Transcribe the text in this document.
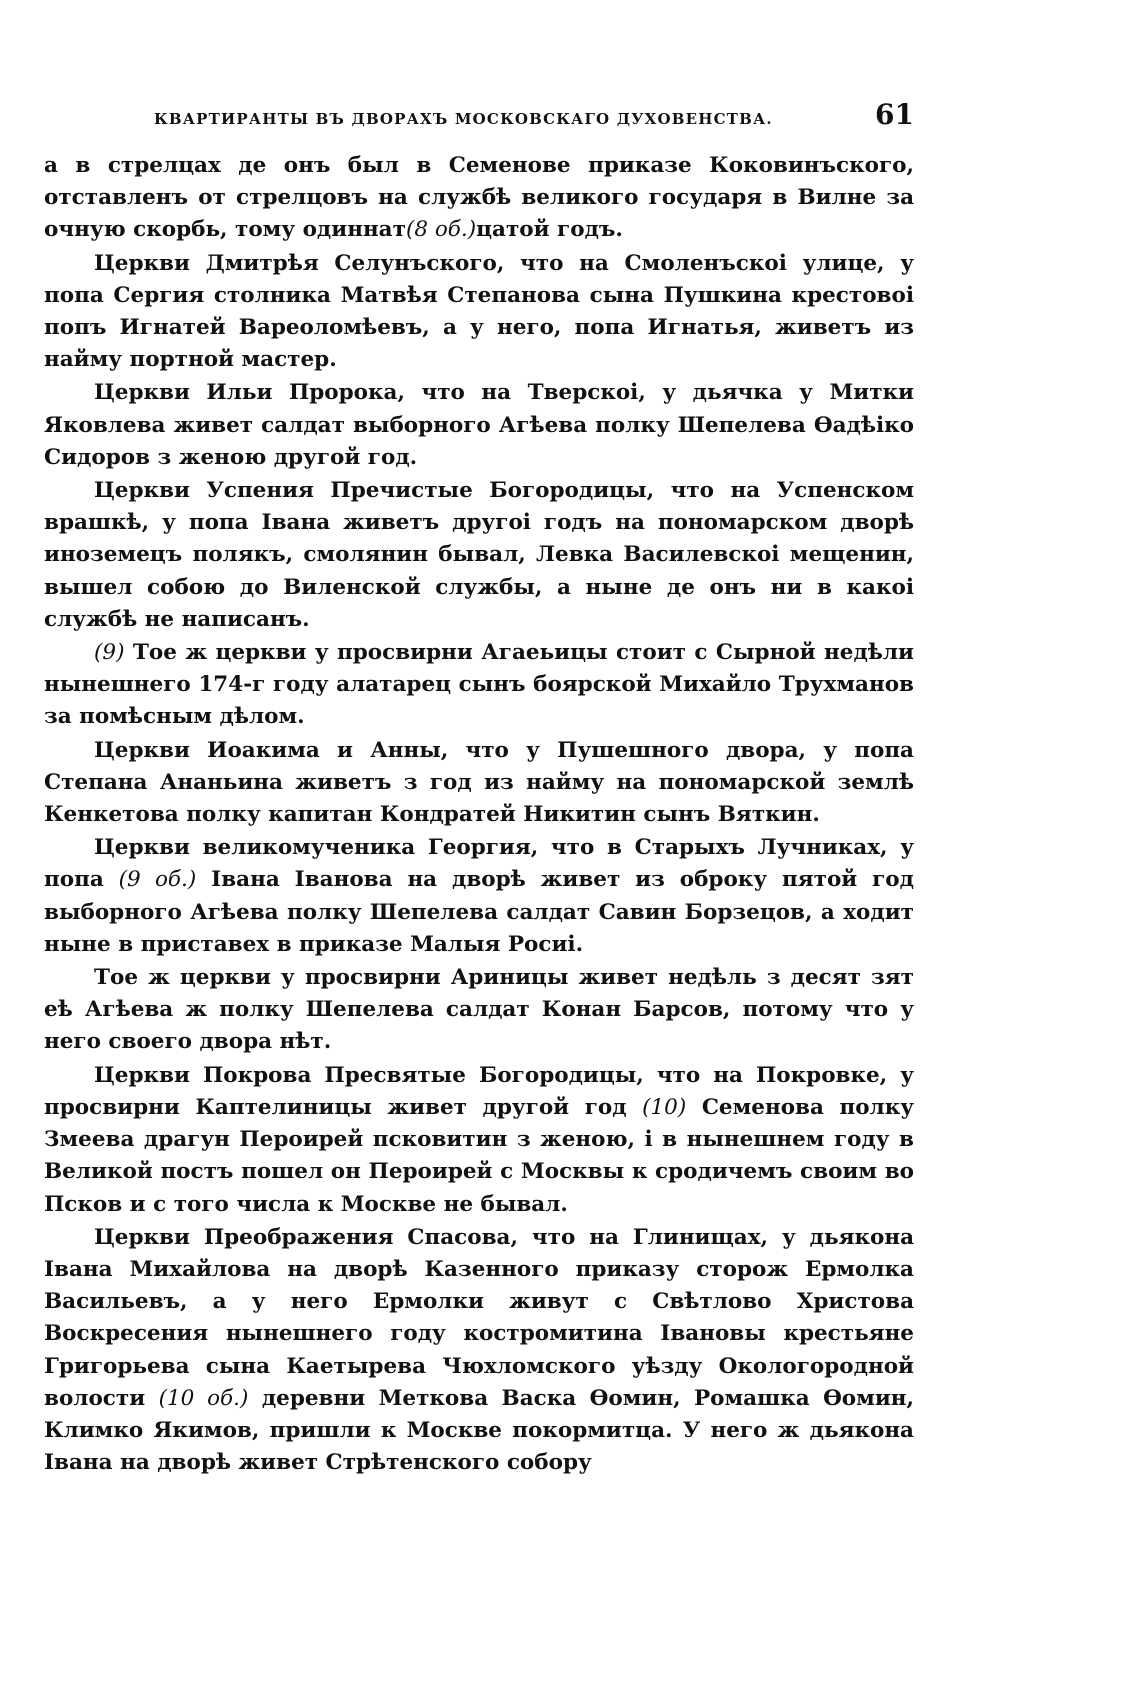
КВАРТИРАНТЫ ВЪ ДВОРАХЪ МОСКОВСКАГО ДУХОВЕНСТВА.	61

а в стрелцах де онъ был в Семенове приказе Коковинъского, отставленъ от стрелцовъ на службѣ великого государя в Вилне за очную скорбь, тому одиннат(8 об.)цатой годъ.

Церкви Дмитрѣя Селунъского, что на Смоленъскоі улице, у попа Сергия столника Матвѣя Степанова сына Пушкина крестовоі попъ Игнатей Вареоломѣевъ, а у него, попа Игнатья, живетъ из найму портной мастер.

Церкви Ильи Пророка, что на Тверскоі, у дьячка у Митки Яковлева живет салдат выборного Агѣева полку Шепелева Өадѣіко Сидоров з женою другой год.

Церкви Успения Пречистые Богородицы, что на Успенском врашкѣ, у попа Івана живетъ другоі годъ на пономарском дворѣ иноземецъ полякъ, смолянин бывал, Левка Василевскоі мещенин, вышел собою до Виленской службы, а ныне де онъ ни в какоі службѣ не написанъ.

(9) Тое ж церкви у просвирни Агаеьицы стоит с Сырной недѣли нынешнего 174-г году алатарец сынъ боярской Михайло Трухманов за помѣсным дѣлом.

Церкви Иоакима и Анны, что у Пушешного двора, у попа Степана Ананьина живетъ з год из найму на пономарской землѣ Кенкетова полку капитан Кондратей Никитин сынъ Вяткин.

Церкви великомученика Георгия, что в Старыхъ Лучниках, у попа (9 об.) Івана Іванова на дворѣ живет из оброку пятой год выборного Агѣева полку Шепелева салдат Савин Борзецов, а ходит ныне в приставех в приказе Малыя Росиі.

Тое ж церкви у просвирни Ариницы живет недѣль з десят зят еѣ Агѣева ж полку Шепелева салдат Конан Барсов, потому что у него своего двора нѣт.

Церкви Покрова Пресвятые Богородицы, что на Покровке, у просвирни Каптелиницы живет другой год (10) Семенова полку Змеева драгун Пероирей псковитин з женою, і в нынешнем году в Великой постъ пошел он Пероирей с Москвы к сродичемъ своим во Псков и с того числа к Москве не бывал.

Церкви Преображения Спасова, что на Глинищах, у дьякона Івана Михайлова на дворѣ Казенного приказу сторож Ермолка Васильевъ, а у него Ермолки живут с Свѣтлово Христова Воскресения нынешнего году костромитина Івановы крестьяне Григорьева сына Каетырева Чюхломского уѣзду Окологородной волости (10 об.) деревни Меткова Васка Өомин, Ромашка Өомин, Климко Якимов, пришли к Москве покормитца. У него ж дьякона Івана на дворѣ живет Стрѣтенского собору
